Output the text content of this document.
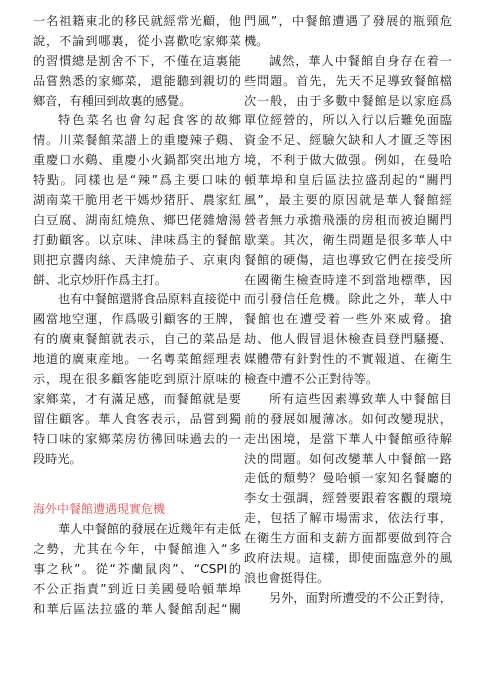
一名祖籍東北的移民就經常光顧，他
說，不論到哪裏，從小喜歡吃家鄉菜
的習慣總是割舍不下，不僅在這裏能
品嘗熟悉的家鄉菜，還能聽到親切的
鄉音，有種回到故裏的感覺。
特色菜名也會勾起食客的故鄉
情。川菜餐館菜譜上的重慶辣子鷄、
重慶口水鷄、重慶小火鍋都突出地方
特點。同樣也是“辣”爲主要口味的
湖南菜干脆用老干媽炒猪肝、農家紅
白豆腐、湖南紅燒魚、鄉巴佬雜燴湯
打動顧客。以京味、津味爲主的餐館
則把京醬肉絲、天津燒茄子、京東肉
餅、北京炒肝作爲主打。
也有中餐館還將食品原料直接從中
國當地空運，作爲吸引顧客的王牌，
有的廣東餐館就表示，自己的菜品是
地道的廣東産地。一名粵菜館經理表
示，現在很多顧客能吃到原汁原味的
家鄉菜，才有滿足感，而餐館就是要
留住顧客。華人食客表示，品嘗到獨
特口味的家鄉菜房彷彿回味過去的一
段時光。
海外中餐館遭遇現實危機
華人中餐館的發展在近幾年有走低
之勢，尤其在今年，中餐館進入“多
事之秋”。從“芥蘭鼠肉”、“CSPI的
不公正指責”到近日美國曼哈頓華埠
和華后區法拉盛的華人餐館刮起“關
門風”，中餐館遭遇了發展的瓶頸危
機。
誠然，華人中餐館自身存在着一
些問題。首先，先天不足導致餐館檔
次一般，由于多數中餐館是以家庭爲
單位經營的，所以入行以后難免面臨
資金不足、經驗欠缺和人才匱乏等困
境，不利于做大做强。例如，在曼哈
頓華埠和皇后區法拉盛刮起的“關門
風”，最主要的原因就是華人餐館經
營者無力承擔飛漲的房租而被迫關門
歇業。其次，衛生問題是很多華人中
餐館的硬傷，這也導致它們在接受所
在國衛生檢查時達不到當地標準，因
而引發信任危機。除此之外，華人中
餐館也在遭受着一些外來威脅。搶
劫、他人假冒退休檢查員登門騷擾、
媒體帶有針對性的不實報道、在衛生
檢查中遭不公正對待等。
所有這些因素導致華人中餐館目
前的發展如履薄冰。如何改變現狀，
走出困境，是當下華人中餐館亟待解
決的問題。如何改變華人中餐館一路
走低的頹勢？曼哈頓一家知名餐廳的
李女士强調，經營要跟着客觀的環境
走，包括了解市場需求，依法行事，
在衛生方面和支薪方面都要做到符合
政府法規。這樣，即使面臨意外的風
浪也會挺得住。
另外，面對所遭受的不公正對待，
